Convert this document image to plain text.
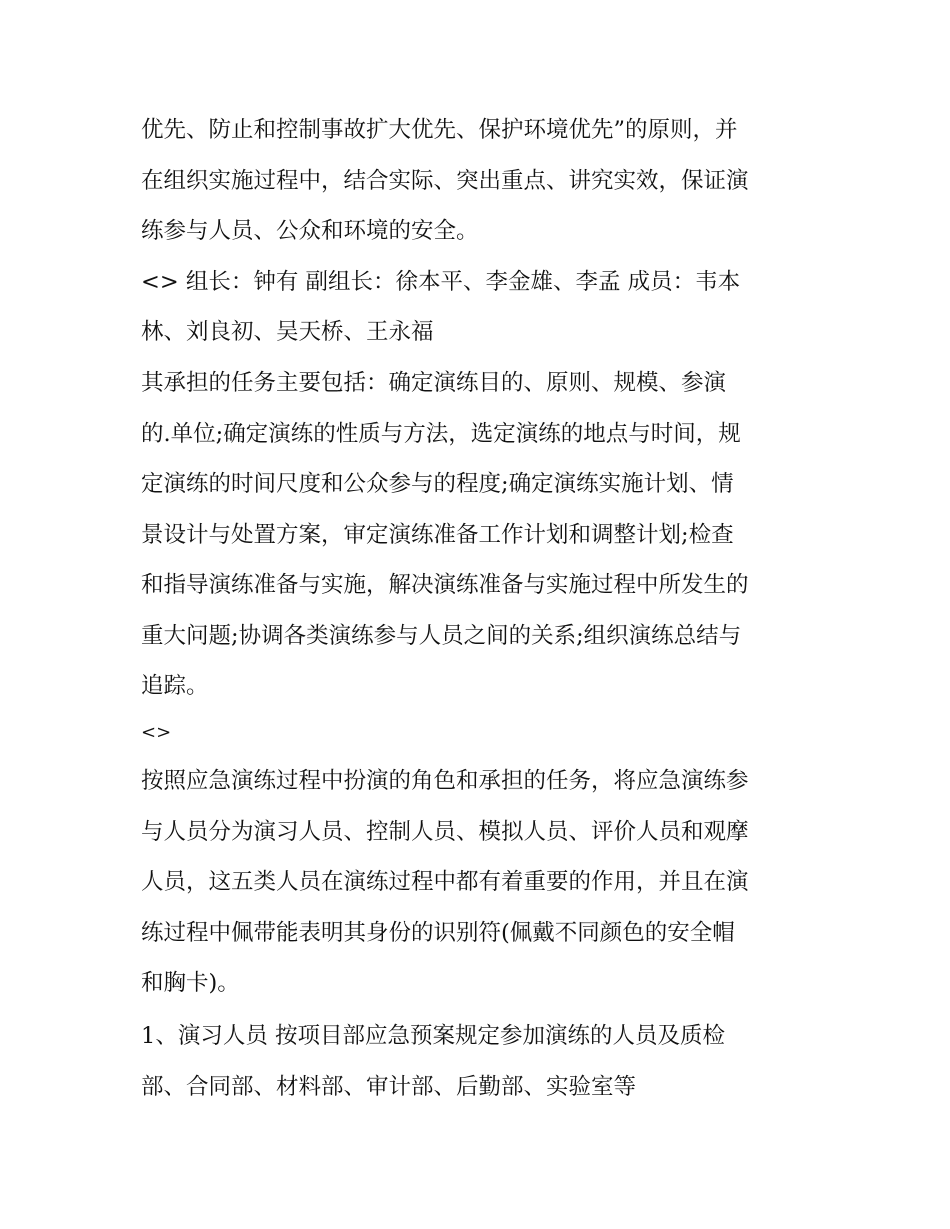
优先、防止和控制事故扩大优先、保护环境优先”的原则，并

在组织实施过程中，结合实际、突出重点、讲究实效，保证演

练参与人员、公众和环境的安全。

<> 组长：钟有 副组长：徐本平、李金雄、李孟 成员：韦本

林、刘良初、吴天桥、王永福

其承担的任务主要包括：确定演练目的、原则、规模、参演

的.单位;确定演练的性质与方法，选定演练的地点与时间，规

定演练的时间尺度和公众参与的程度;确定演练实施计划、情

景设计与处置方案，审定演练准备工作计划和调整计划;检查

和指导演练准备与实施，解决演练准备与实施过程中所发生的

重大问题;协调各类演练参与人员之间的关系;组织演练总结与

追踪。

<>

按照应急演练过程中扮演的角色和承担的任务，将应急演练参

与人员分为演习人员、控制人员、模拟人员、评价人员和观摩

人员，这五类人员在演练过程中都有着重要的作用，并且在演

练过程中佩带能表明其身份的识别符(佩戴不同颜色的安全帽

和胸卡)。

1、演习人员 按项目部应急预案规定参加演练的人员及质检

部、合同部、材料部、审计部、后勤部、实验室等
